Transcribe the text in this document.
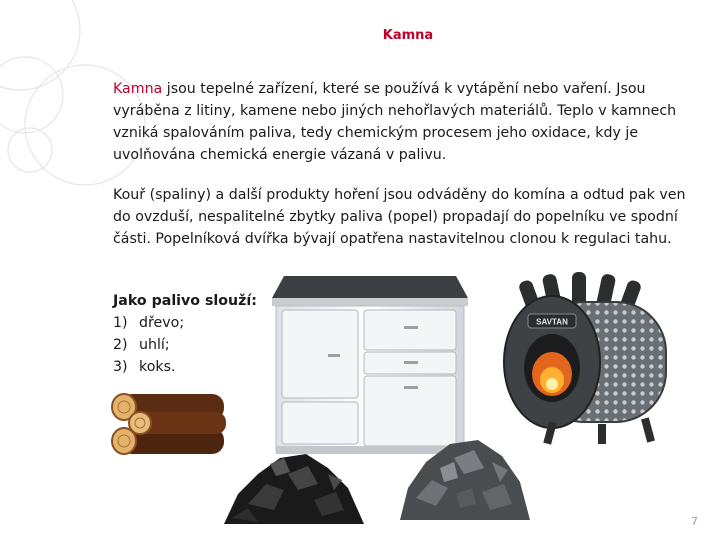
Kamna

Kamna jsou tepelné zařízení, které se používá k vytápění nebo vaření. Jsou vyráběna z litiny, kamene nebo jiných nehořlavých materiálů. Teplo v kamnech vzniká spalováním paliva, tedy chemickým procesem jeho oxidace, kdy je uvolňována chemická energie vázaná v palivu.

Kouř (spaliny) a další produkty hoření jsou odváděny do komína a odtud pak ven do ovzduší, nespalitelné zbytky paliva (popel) propadají do popelníku ve spodní části. Popelníková dvířka bývají opatřena nastavitelnou clonou k regulaci tahu.

Jako palivo slouží:
1) dřevo;
2) uhlí;
3) koks.
SAVTAN
7
